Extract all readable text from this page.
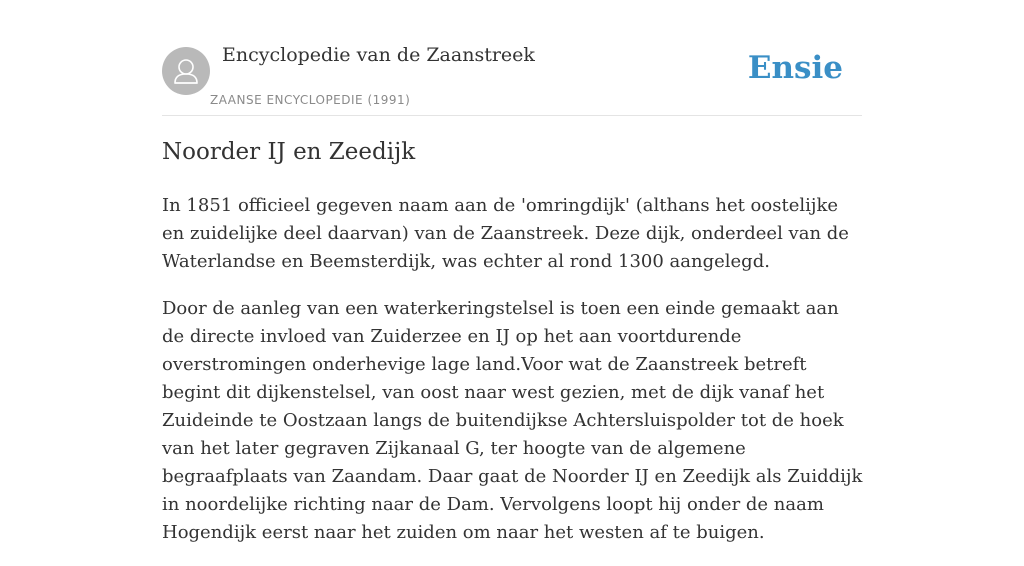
Encyclopedie van de Zaanstreek
ZAANSE ENCYCLOPEDIE (1991)
Ensie
Noorder IJ en Zeedijk

In 1851 officieel gegeven naam aan de 'omringdijk' (althans het oostelijke en zuidelijke deel daarvan) van de Zaanstreek. Deze dijk, onderdeel van de Waterlandse en Beemsterdijk, was echter al rond 1300 aangelegd.

Door de aanleg van een waterkeringstelsel is toen een einde gemaakt aan de directe invloed van Zuiderzee en IJ op het aan voortdurende overstromingen onderhevige lage land.Voor wat de Zaanstreek betreft begint dit dijkenstelsel, van oost naar west gezien, met de dijk vanaf het Zuideinde te Oostzaan langs de buitendijkse Achtersluispolder tot de hoek van het later gegraven Zijkanaal G, ter hoogte van de algemene begraafplaats van Zaandam. Daar gaat de Noorder IJ en Zeedijk als Zuiddijk in noordelijke richting naar de Dam. Vervolgens loopt hij onder de naam Hogendijk eerst naar het zuiden om naar het westen af te buigen.
